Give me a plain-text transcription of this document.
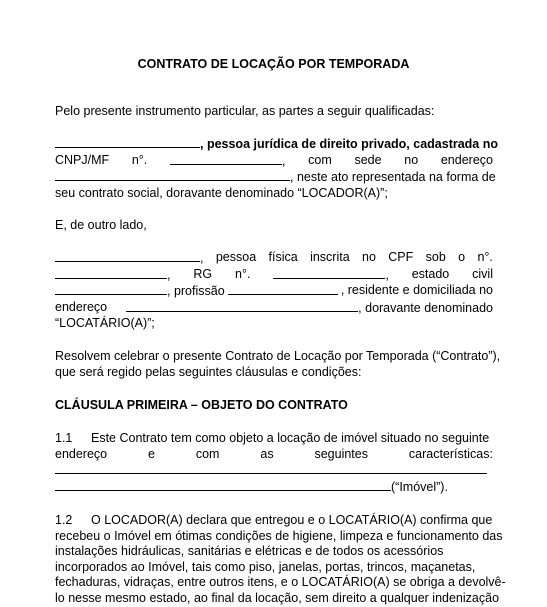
CONTRATO DE LOCAÇÃO POR TEMPORADA
Pelo presente instrumento particular, as partes a seguir qualificadas:
, pessoa jurídica de direito privado, cadastrada no
CNPJ/MF n°.	, com sede no endereço
, neste ato representada na forma de
seu contrato social, doravante denominado “LOCADOR(A)”;
E, de outro lado,
, pessoa física inscrita no CPF sob o n°.
, RG n°.	, estado civil
, profissão	, residente e domiciliada no
endereço	, doravante denominado
“LOCATÁRIO(A)”;
Resolvem celebrar o presente Contrato de Locação por Temporada (“Contrato”),
que será regido pelas seguintes cláusulas e condições:
CLÁUSULA PRIMEIRA – OBJETO DO CONTRATO
1.1 Este Contrato tem como objeto a locação de imóvel situado no seguinte
endereço	e	com	as	seguintes	características:
(“Imóvel”).
1.2 O LOCADOR(A) declara que entregou e o LOCATÁRIO(A) confirma que
recebeu o Imóvel em ótimas condições de higiene, limpeza e funcionamento das
instalações hidráulicas, sanitárias e elétricas e de todos os acessórios
incorporados ao Imóvel, tais como piso, janelas, portas, trincos, maçanetas,
fechaduras, vidraças, entre outros itens, e o LOCATÁRIO(A) se obriga a devolvê-
lo nesse mesmo estado, ao final da locação, sem direito a qualquer indenização
